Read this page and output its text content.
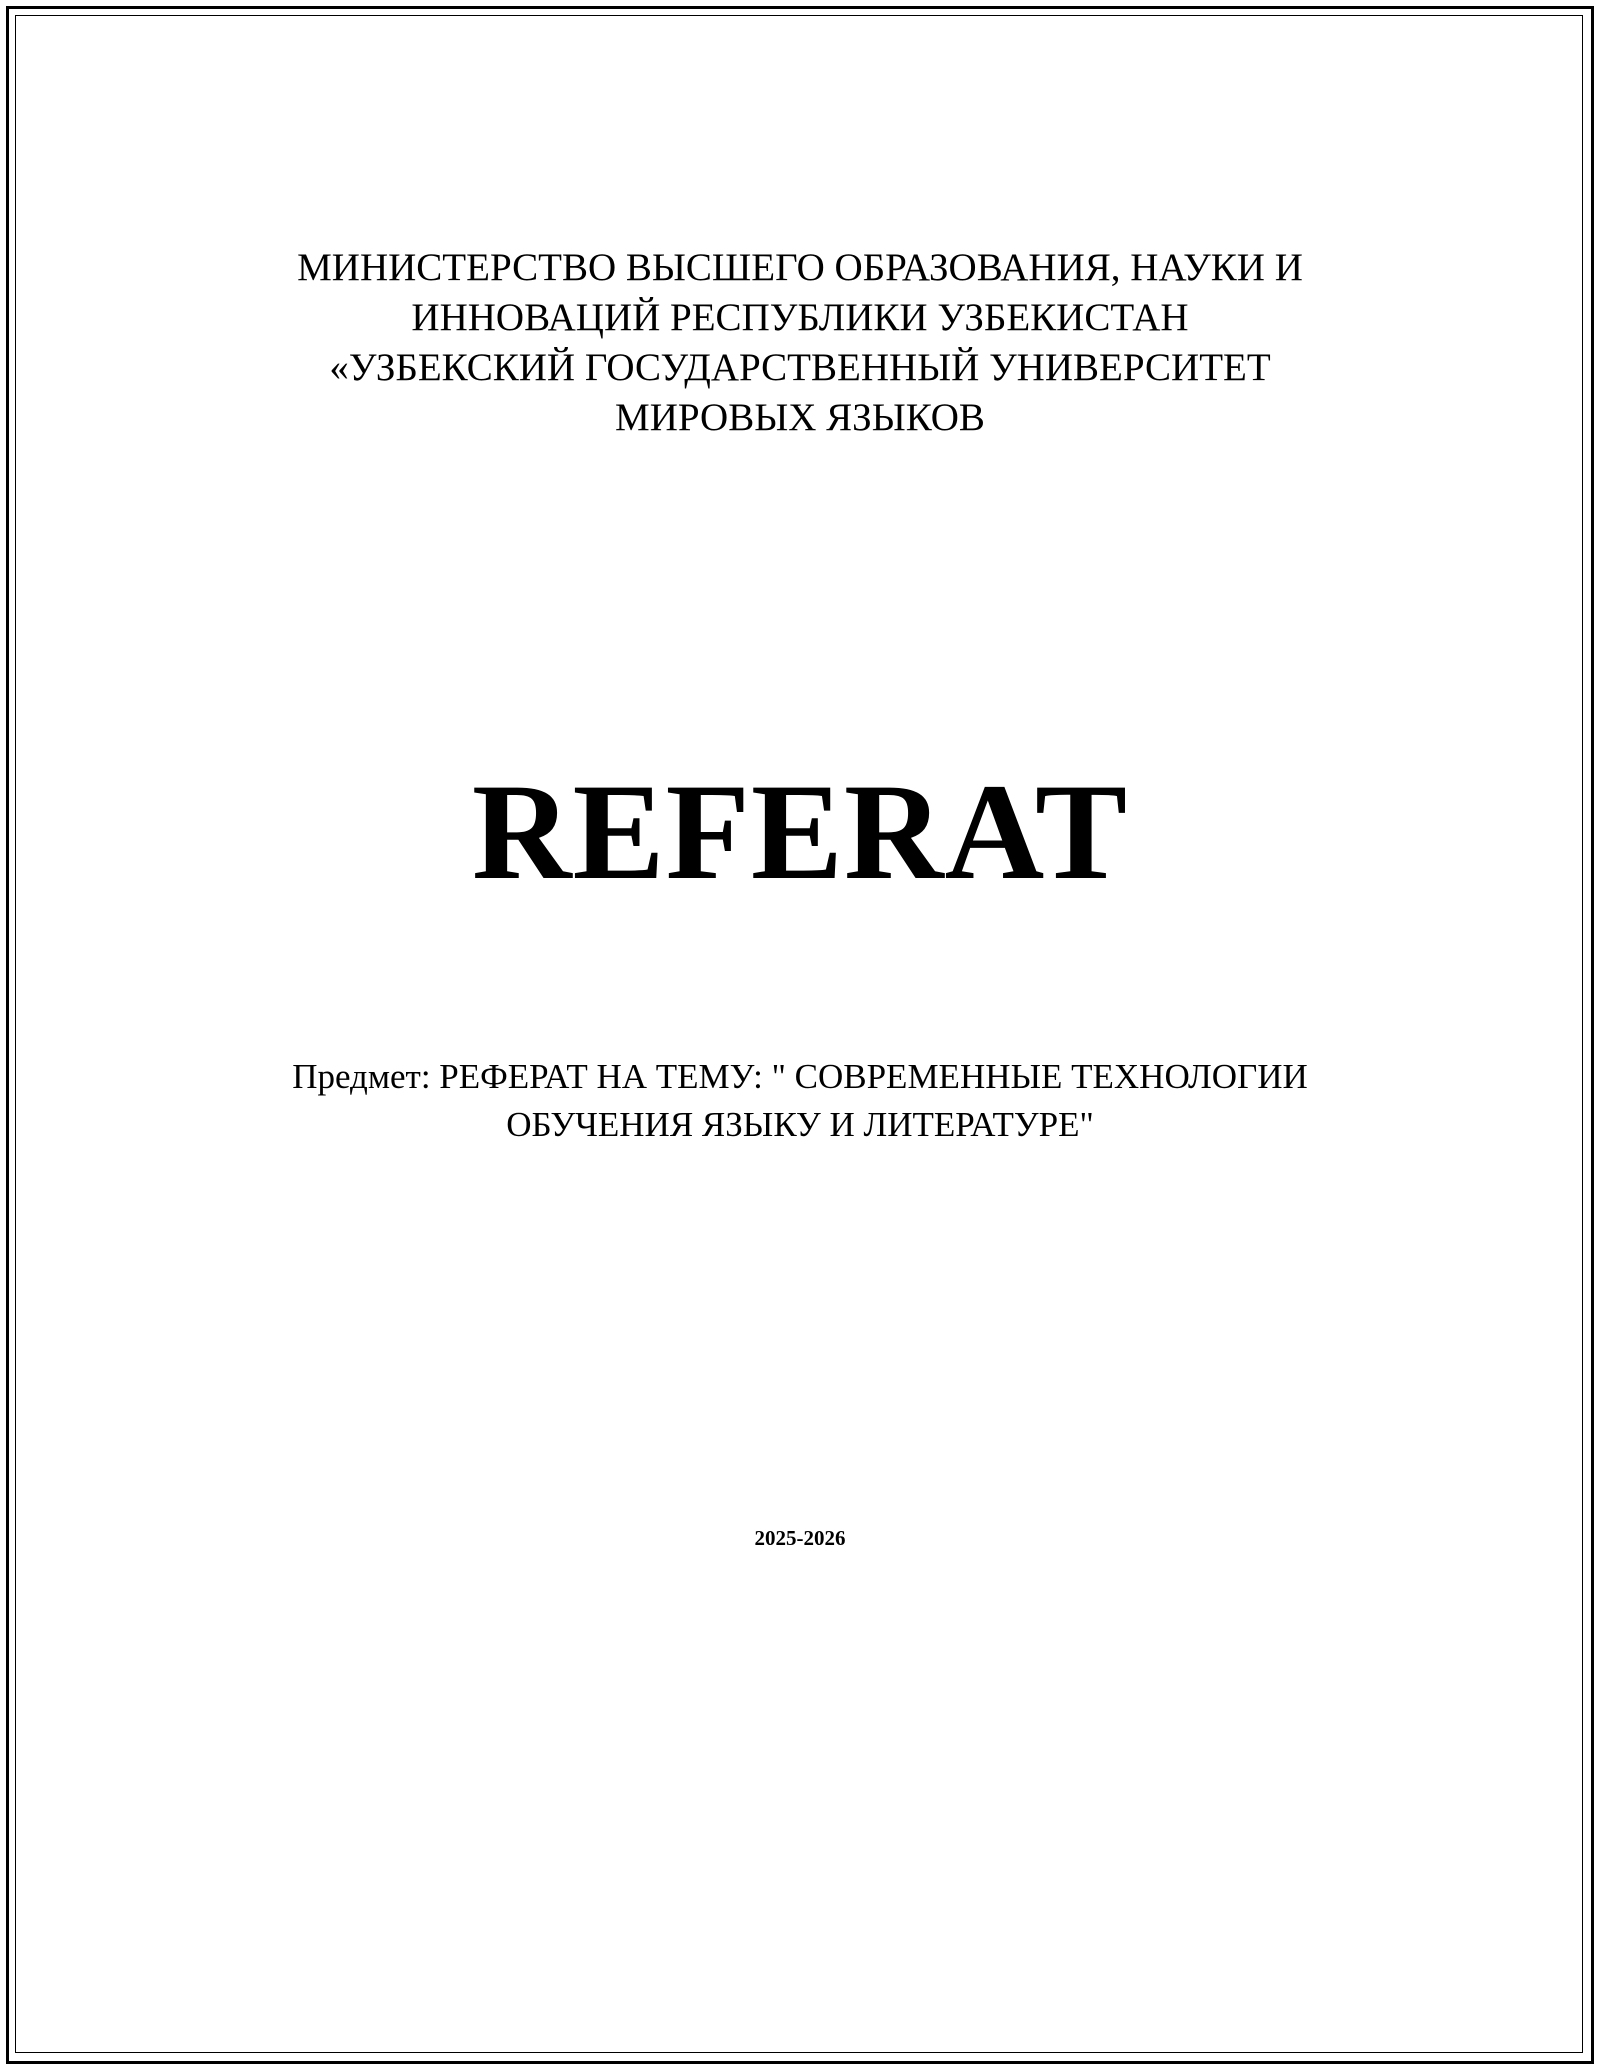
МИНИСТЕРСТВО ВЫСШЕГО ОБРАЗОВАНИЯ, НАУКИ И
ИННОВАЦИЙ РЕСПУБЛИКИ УЗБЕКИСТАН
«УЗБЕКСКИЙ ГОСУДАРСТВЕННЫЙ УНИВЕРСИТЕТ
МИРОВЫХ ЯЗЫКОВ
REFERAT
Предмет: РЕФЕРАТ НА ТЕМУ: " СОВРЕМЕННЫЕ ТЕХНОЛОГИИ
ОБУЧЕНИЯ ЯЗЫКУ И ЛИТЕРАТУРЕ"
2025-2026
